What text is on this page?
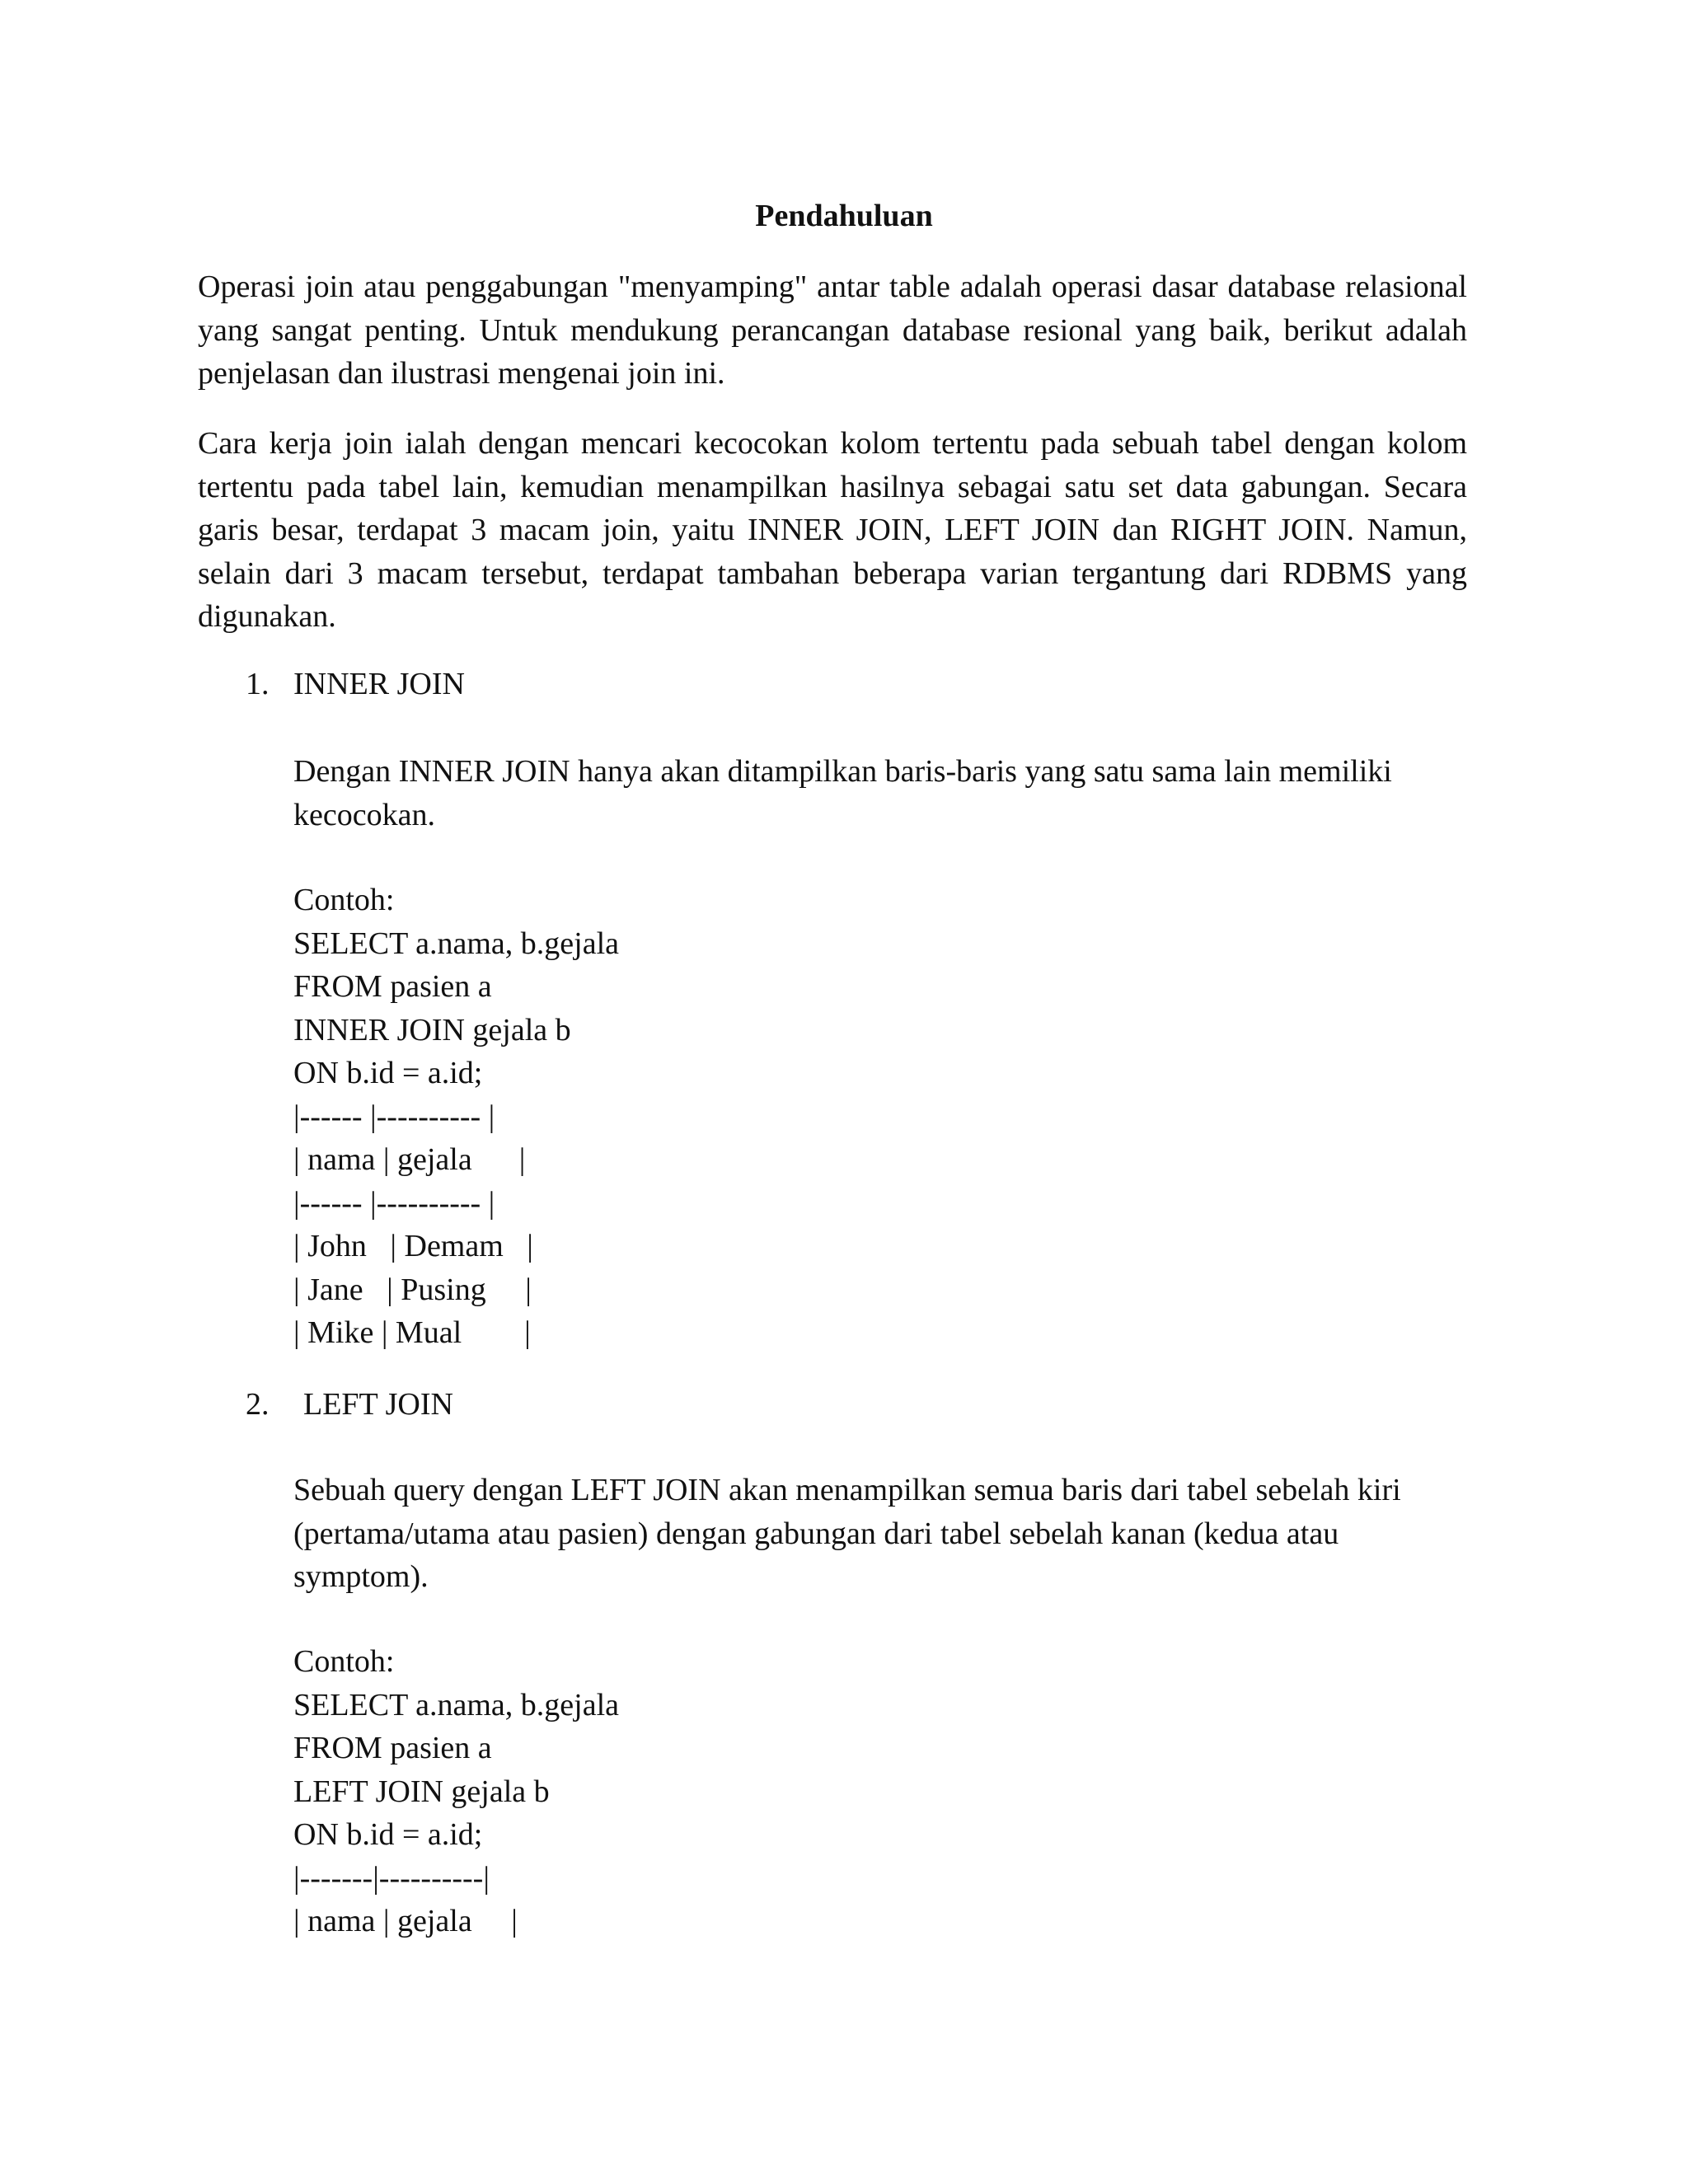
Pendahuluan
Operasi join atau penggabungan "menyamping" antar table adalah operasi dasar database relasional yang sangat penting. Untuk mendukung perancangan database resional yang baik, berikut adalah penjelasan dan ilustrasi mengenai join ini.
Cara kerja join ialah dengan mencari kecocokan kolom tertentu pada sebuah tabel dengan kolom tertentu pada tabel lain, kemudian menampilkan hasilnya sebagai satu set data gabungan. Secara garis besar, terdapat 3 macam join, yaitu INNER JOIN, LEFT JOIN dan RIGHT JOIN. Namun, selain dari 3 macam tersebut, terdapat tambahan beberapa varian tergantung dari RDBMS yang digunakan.
1. INNER JOIN
Dengan INNER JOIN hanya akan ditampilkan baris-baris yang satu sama lain memiliki kecocokan.
Contoh:
SELECT a.nama, b.gejala
FROM pasien a
INNER JOIN gejala b
ON b.id = a.id;
|------ |---------- |
| nama | gejala      |
|------ |---------- |
| John   | Demam   |
| Jane   | Pusing     |
| Mike | Mual        |
2. LEFT JOIN
Sebuah query dengan LEFT JOIN akan menampilkan semua baris dari tabel sebelah kiri (pertama/utama atau pasien) dengan gabungan dari tabel sebelah kanan (kedua atau symptom).
Contoh:
SELECT a.nama, b.gejala
FROM pasien a
LEFT JOIN gejala b
ON b.id = a.id;
|-------|----------|
| nama | gejala     |
